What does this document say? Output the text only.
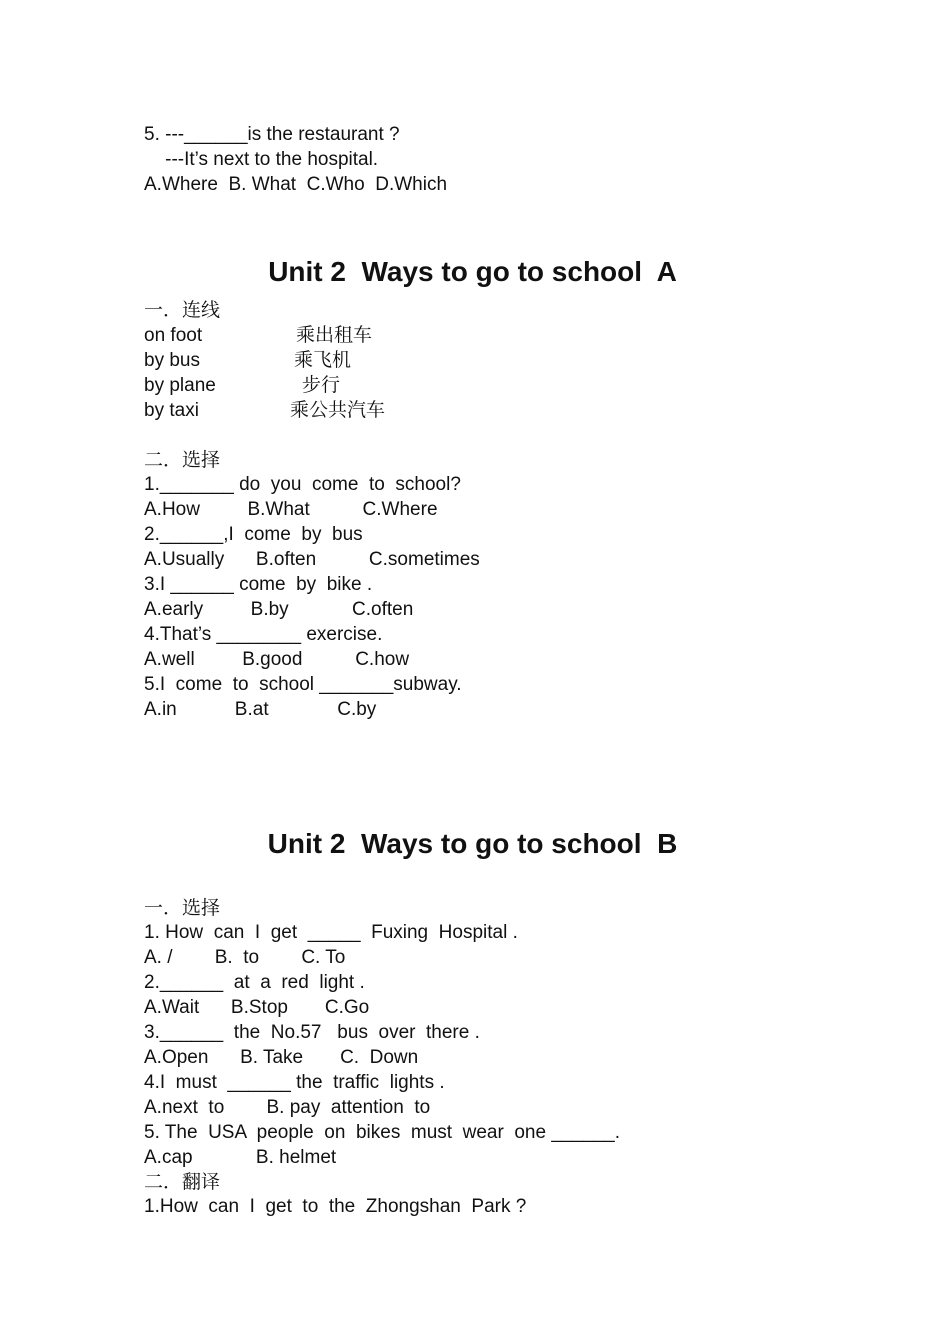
5. ---______is the restaurant ?
---It’s next to the hospital.
A.Where  B. What  C.Who  D.Which
Unit 2  Ways to go to school  A
一．连线
on foot
by bus
by plane
by taxi
乘出租车
乘飞机
步行
乘公共汽车
二．选择
1._______ do  you  come  to  school?
A.How         B.What          C.Where
2.______,I  come  by  bus
A.Usually      B.often          C.sometimes
3.I ______ come  by  bike .
A.early         B.by            C.often
4.That’s ________ exercise.
A.well         B.good          C.how
5.I  come  to  school _______subway.
A.in           B.at             C.by
Unit 2  Ways to go to school  B
一．选择
1. How  can  I  get  _____  Fuxing  Hospital .
A. /        B.  to        C. To
2.______  at  a  red  light .
A.Wait      B.Stop       C.Go
3.______  the  No.57   bus  over  there .
A.Open      B. Take       C.  Down
4.I  must  ______ the  traffic  lights .
A.next  to        B. pay  attention  to
5. The  USA  people  on  bikes  must  wear  one ______.
A.cap            B. helmet
二．翻译
1.How  can  I  get  to  the  Zhongshan  Park ?
